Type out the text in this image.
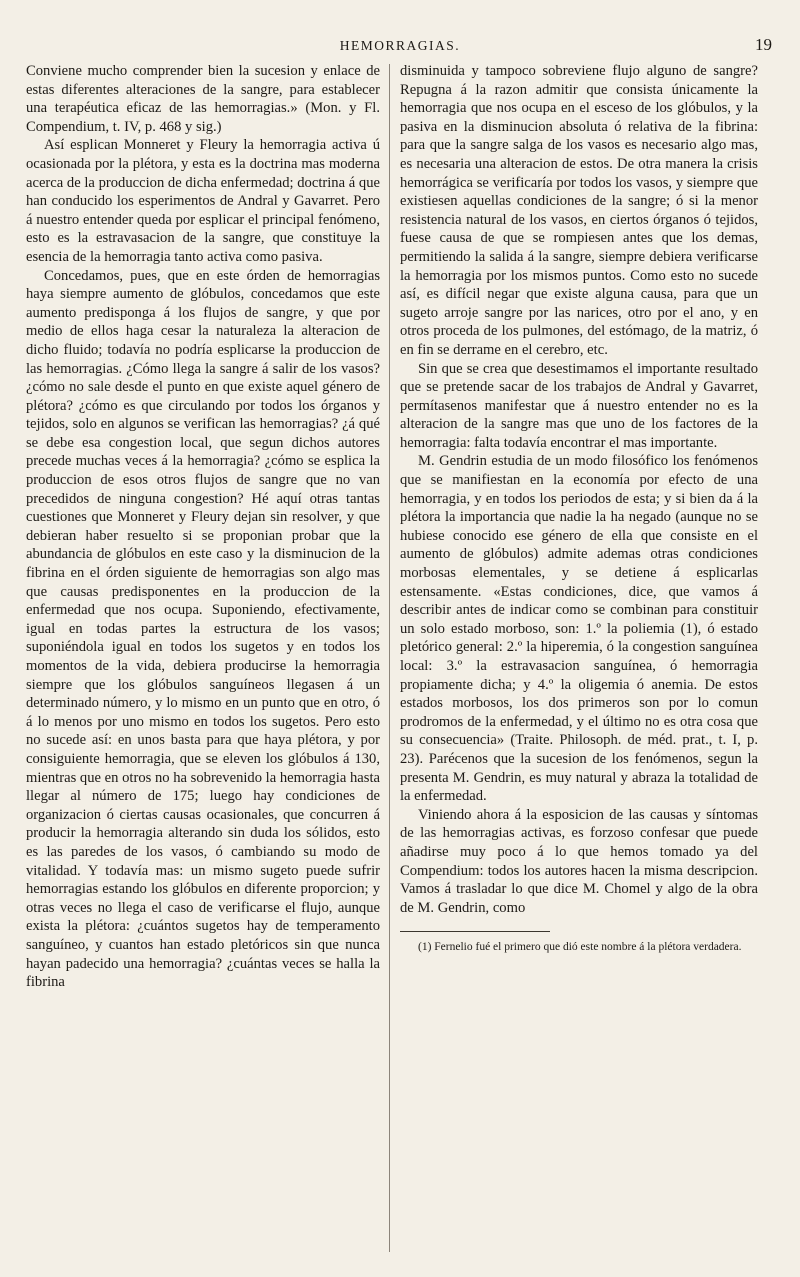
HEMORRAGIAS.	19

Conviene mucho comprender bien la sucesion y enlace de estas diferentes alteraciones de la sangre, para establecer una terapéutica eficaz de las hemorragias.» (Mon. y Fl. Compendium, t. IV, p. 468 y sig.)

Así esplican Monneret y Fleury la hemorragia activa ú ocasionada por la plétora, y esta es la doctrina mas moderna acerca de la produccion de dicha enfermedad; doctrina á que han conducido los esperimentos de Andral y Gavarret. Pero á nuestro entender queda por esplicar el principal fenómeno, esto es la estravasacion de la sangre, que constituye la esencia de la hemorragia tanto activa como pasiva.

Concedamos, pues, que en este órden de hemorragias haya siempre aumento de glóbulos, concedamos que este aumento predisponga á los flujos de sangre, y que por medio de ellos haga cesar la naturaleza la alteracion de dicho fluido; todavía no podría esplicarse la produccion de las hemorragias. ¿Cómo llega la sangre á salir de los vasos? ¿cómo no sale desde el punto en que existe aquel género de plétora? ¿cómo es que circulando por todos los órganos y tejidos, solo en algunos se verifican las hemorragias? ¿á qué se debe esa congestion local, que segun dichos autores precede muchas veces á la hemorragia? ¿cómo se esplica la produccion de esos otros flujos de sangre que no van precedidos de ninguna congestion? Hé aquí otras tantas cuestiones que Monneret y Fleury dejan sin resolver, y que debieran haber resuelto si se proponian probar que la abundancia de glóbulos en este caso y la disminucion de la fibrina en el órden siguiente de hemorragias son algo mas que causas predisponentes en la produccion de la enfermedad que nos ocupa. Suponiendo, efectivamente, igual en todas partes la estructura de los vasos; suponiéndola igual en todos los sugetos y en todos los momentos de la vida, debiera producirse la hemorragia siempre que los glóbulos sanguíneos llegasen á un determinado número, y lo mismo en un punto que en otro, ó á lo menos por uno mismo en todos los sugetos. Pero esto no sucede así: en unos basta para que haya plétora, y por consiguiente hemorragia, que se eleven los glóbulos á 130, mientras que en otros no ha sobrevenido la hemorragia hasta llegar al número de 175; luego hay condiciones de organizacion ó ciertas causas ocasionales, que concurren á producir la hemorragia alterando sin duda los sólidos, esto es las paredes de los vasos, ó cambiando su modo de vitalidad. Y todavía mas: un mismo sugeto puede sufrir hemorragias estando los glóbulos en diferente proporcion; y otras veces no llega el caso de verificarse el flujo, aunque exista la plétora: ¿cuántos sugetos hay de temperamento sanguíneo, y cuantos han estado pletóricos sin que nunca hayan padecido una hemorragia? ¿cuántas veces se halla la fibrina

disminuida y tampoco sobreviene flujo alguno de sangre? Repugna á la razon admitir que consista únicamente la hemorragia que nos ocupa en el esceso de los glóbulos, y la pasiva en la disminucion absoluta ó relativa de la fibrina: para que la sangre salga de los vasos es necesario algo mas, es necesaria una alteracion de estos. De otra manera la crisis hemorrágica se verificaría por todos los vasos, y siempre que existiesen aquellas condiciones de la sangre; ó si la menor resistencia natural de los vasos, en ciertos órganos ó tejidos, fuese causa de que se rompiesen antes que los demas, permitiendo la salida á la sangre, siempre debiera verificarse la hemorragia por los mismos puntos. Como esto no sucede así, es difícil negar que existe alguna causa, para que un sugeto arroje sangre por las narices, otro por el ano, y en otros proceda de los pulmones, del estómago, de la matriz, ó en fin se derrame en el cerebro, etc.

Sin que se crea que desestimamos el importante resultado que se pretende sacar de los trabajos de Andral y Gavarret, permítasenos manifestar que á nuestro entender no es la alteracion de la sangre mas que uno de los factores de la hemorragia: falta todavía encontrar el mas importante.

M. Gendrin estudia de un modo filosófico los fenómenos que se manifiestan en la economía por efecto de una hemorragia, y en todos los periodos de esta; y si bien da á la plétora la importancia que nadie la ha negado (aunque no se hubiese conocido ese género de ella que consiste en el aumento de glóbulos) admite ademas otras condiciones morbosas elementales, y se detiene á esplicarlas estensamente. «Estas condiciones, dice, que vamos á describir antes de indicar como se combinan para constituir un solo estado morboso, son: 1.º la poliemia (1), ó estado pletórico general: 2.º la hiperemia, ó la congestion sanguínea local: 3.º la estravasacion sanguínea, ó hemorragia propiamente dicha; y 4.º la oligemia ó anemia. De estos estados morbosos, los dos primeros son por lo comun prodromos de la enfermedad, y el último no es otra cosa que su consecuencia» (Traite. Philosoph. de méd. prat., t. I, p. 23). Parécenos que la sucesion de los fenómenos, segun la presenta M. Gendrin, es muy natural y abraza la totalidad de la enfermedad.

Viniendo ahora á la esposicion de las causas y síntomas de las hemorragias activas, es forzoso confesar que puede añadirse muy poco á lo que hemos tomado ya del Compendium: todos los autores hacen la misma descripcion. Vamos á trasladar lo que dice M. Chomel y algo de la obra de M. Gendrin, como

(1) Fernelio fué el primero que dió este nombre á la plétora verdadera.
